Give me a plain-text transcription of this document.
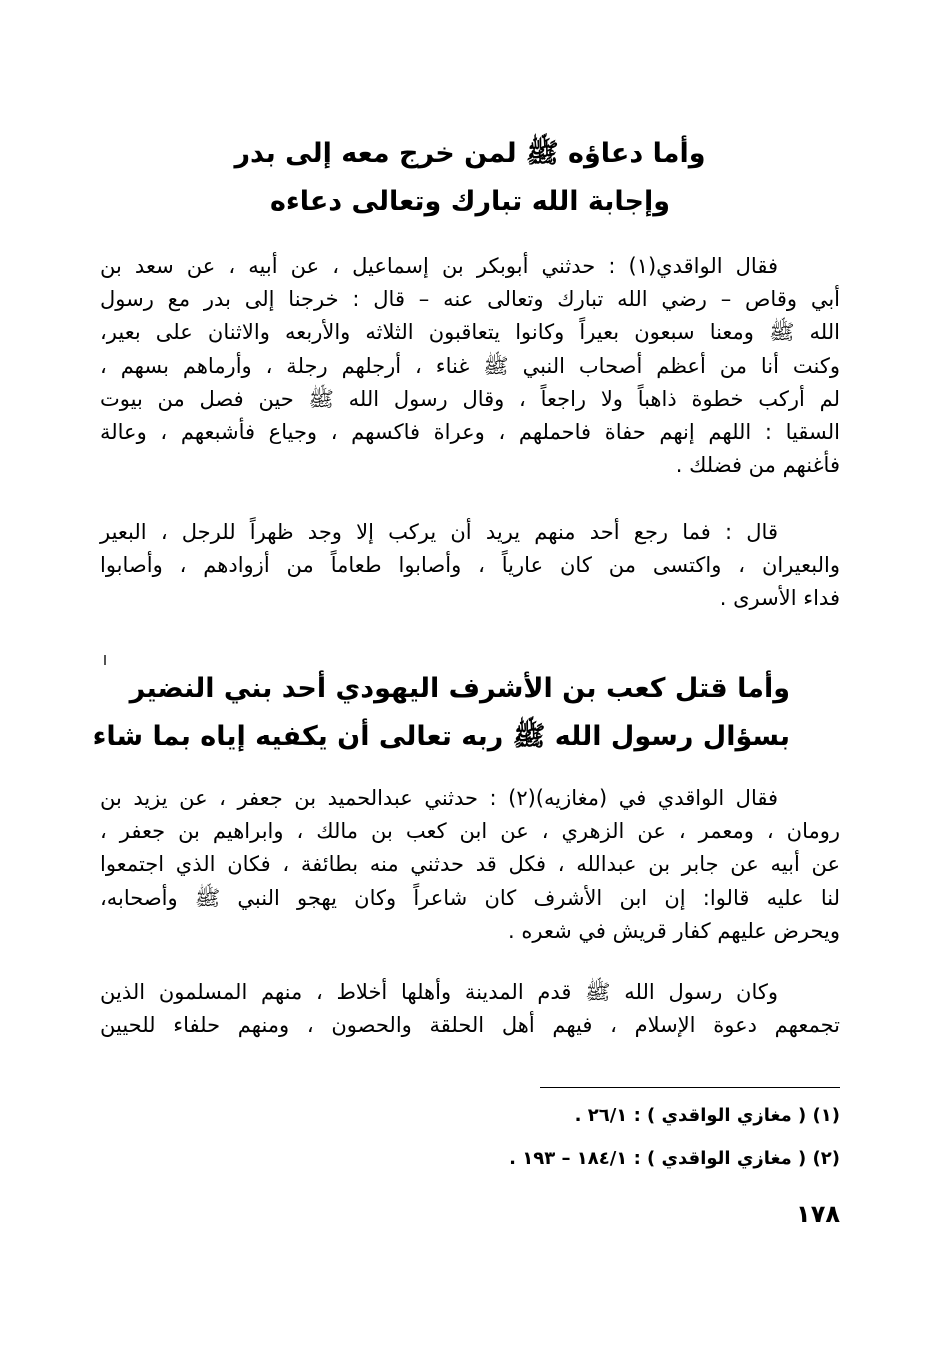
وأما دعاؤه ﷺ لمن خرج معه إلى بدر
وإجابة الله تبارك وتعالى دعاءه
فقال الواقدي(١) : حدثني أبوبكر بن إسماعيل ، عن أبيه ، عن سعد بن
أبي وقاص – رضي الله تبارك وتعالى عنه – قال : خرجنا إلى بدر مع رسول
الله ﷺ ومعنا سبعون بعيراً وكانوا يتعاقبون الثلاثه والأربعه والاثنان على بعير،
وكنت أنا من أعظم أصحاب النبي ﷺ غناء ، أرجلهم رجلة ، وأرماهم بسهم ،
لم أركب خطوة ذاهباً ولا راجعاً ، وقال رسول الله ﷺ حين فصل من بيوت
السقيا : اللهم إنهم حفاة فاحملهم ، وعراة فاكسهم ، وجياع فأشبعهم ، وعالة
فأغنهم من فضلك .
قال : فما رجع أحد منهم يريد أن يركب إلا وجد ظهراً للرجل ، البعير
والبعيران ، واكتسى من كان عارياً ، وأصابوا طعاماً من أزوادهم ، وأصابوا
فداء الأسرى .
وأما قتل كعب بن الأشرف اليهودي أحد بني النضير
بسؤال رسول الله ﷺ ربه تعالى أن يكفيه إياه بما شاء
فقال الواقدي في (مغازيه)(٢) : حدثني عبدالحميد بن جعفر ، عن يزيد بن
رومان ، ومعمر ، عن الزهري ، عن ابن كعب بن مالك ، وابراهيم بن جعفر ،
عن أبيه عن جابر بن عبدالله ، فكل قد حدثني منه بطائفة ، فكان الذي اجتمعوا
لنا عليه قالوا: إن ابن الأشرف كان شاعراً وكان يهجو النبي ﷺ وأصحابه،
ويحرض عليهم كفار قريش في شعره .
وكان رسول الله ﷺ قدم المدينة وأهلها أخلاط ، منهم المسلمون الذين
تجمعهم دعوة الإسلام ، فيهم أهل الحلقة والحصون ، ومنهم حلفاء للحيين
(١) ( مغازي الواقدي ) : ٢٦/١ .
(٢) ( مغازي الواقدي ) : ١٨٤/١ – ١٩٣ .
١٧٨
